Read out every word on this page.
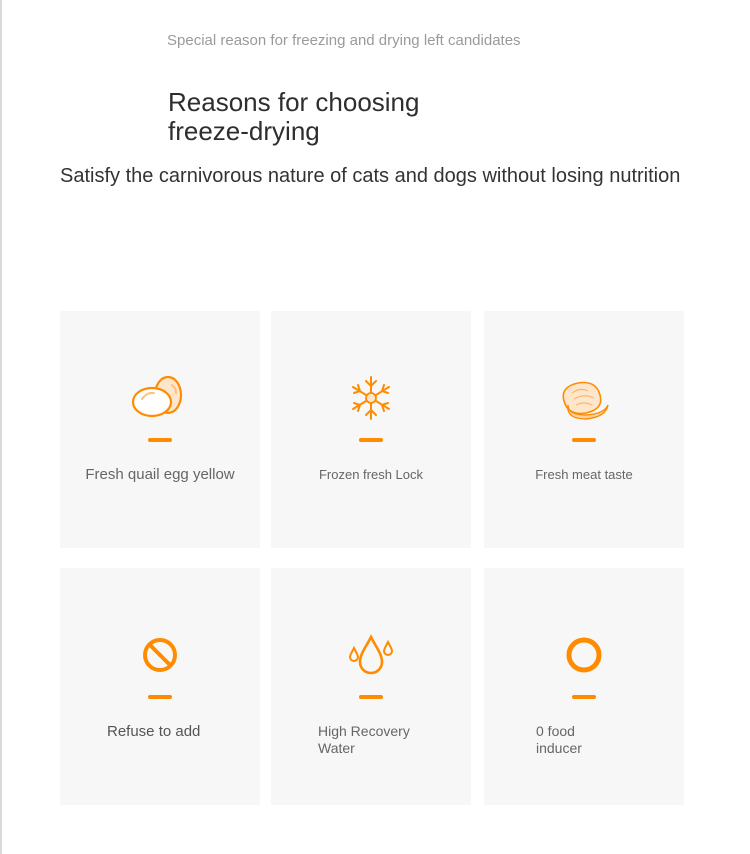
Special reason for freezing and drying left candidates
Reasons for choosing freeze-drying
Satisfy the carnivorous nature of cats and dogs without losing nutrition
Fresh quail egg yellow	Frozen fresh Lock	Fresh meat taste
Refuse to add	High Recovery Water
0 food inducer
